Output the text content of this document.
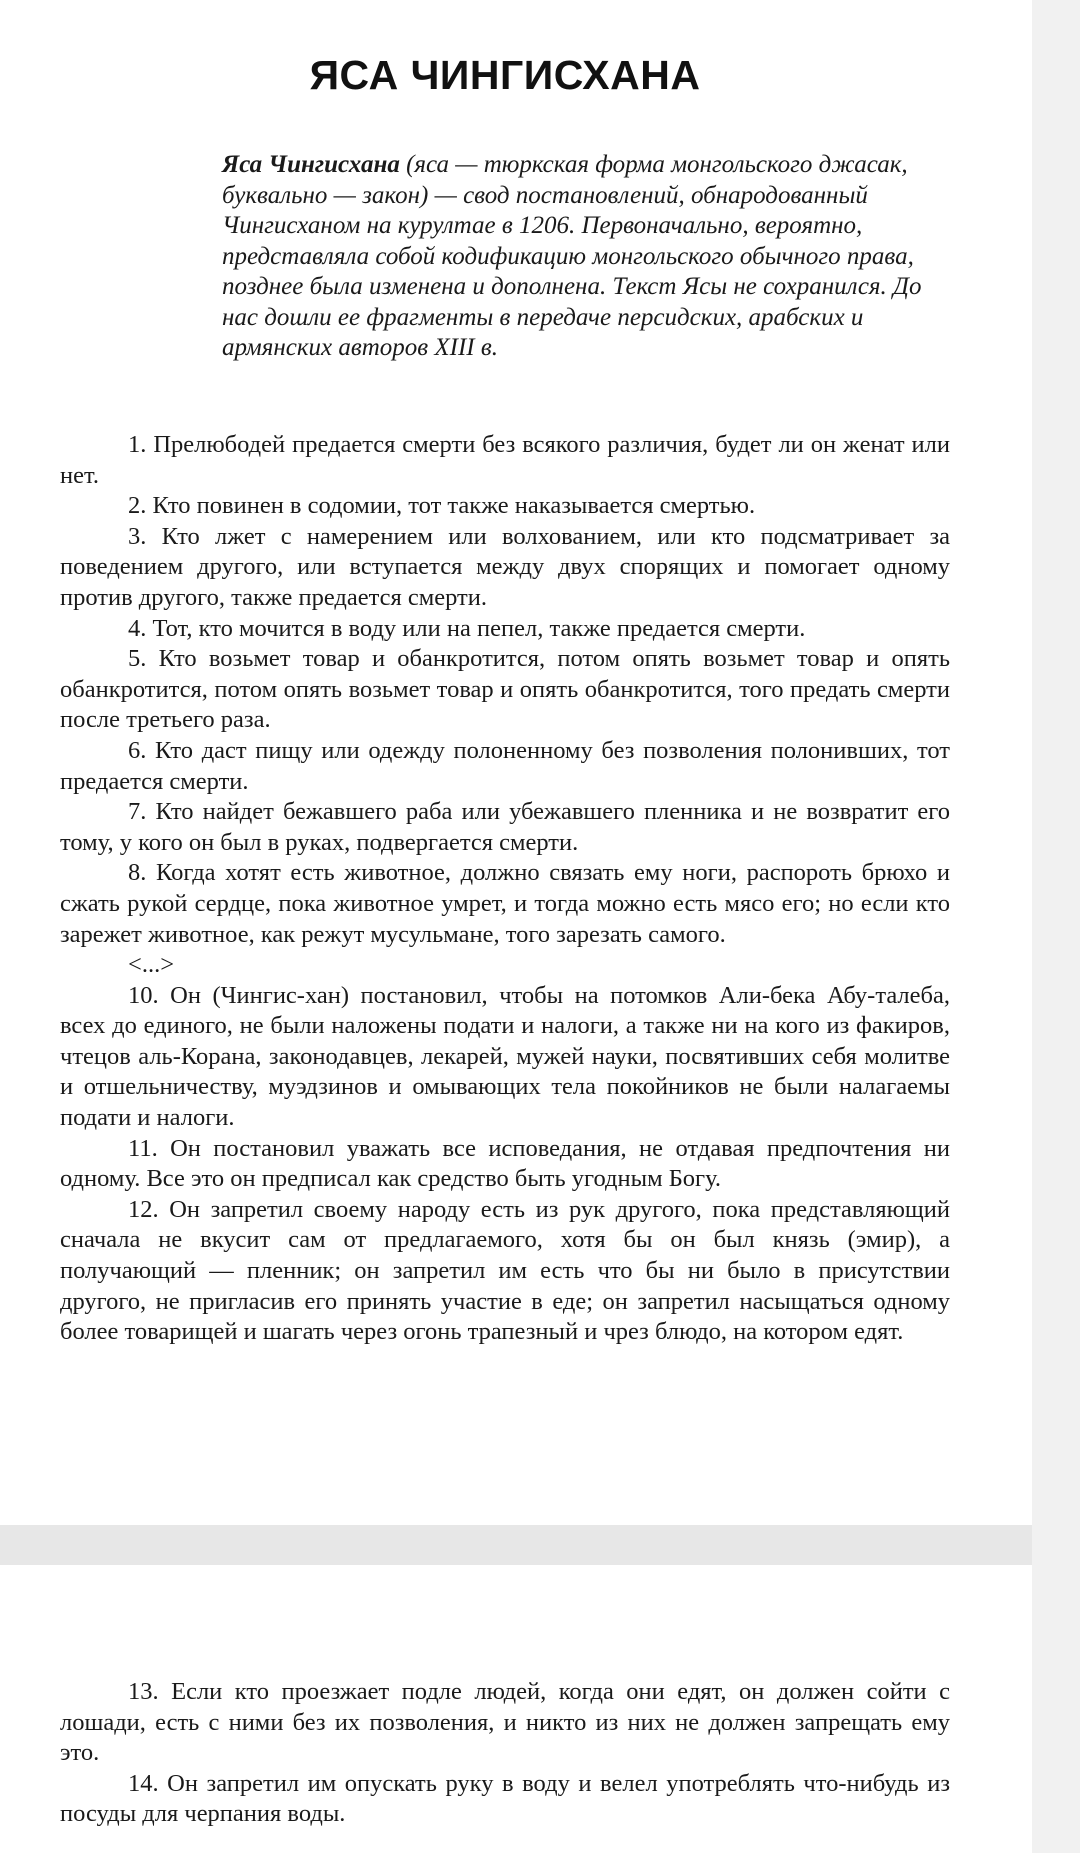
ЯСА ЧИНГИСХАНА
Яса Чингисхана (яса — тюркская форма монгольского джасак, буквально — закон) — свод постановлений, обнародованный Чингисханом на курултае в 1206. Первоначально, вероятно, представляла собой кодификацию монгольского обычного права, позднее была изменена и дополнена. Текст Ясы не сохранился. До нас дошли ее фрагменты в передаче персидских, арабских и армянских авторов XIII в.

1. Прелюбодей предается смерти без всякого различия, будет ли он женат или нет.

2. Кто повинен в содомии, тот также наказывается смертью.

3. Кто лжет с намерением или волхованием, или кто подсматривает за поведением другого, или вступается между двух спорящих и помогает одному против другого, также предается смерти.

4. Тот, кто мочится в воду или на пепел, также предается смерти.

5. Кто возьмет товар и обанкротится, потом опять возьмет товар и опять обанкротится, потом опять возьмет товар и опять обанкротится, того предать смерти после третьего раза.

6. Кто даст пищу или одежду полоненному без позволения полонивших, тот предается смерти.

7. Кто найдет бежавшего раба или убежавшего пленника и не возвратит его тому, у кого он был в руках, подвергается смерти.

8. Когда хотят есть животное, должно связать ему ноги, распороть брюхо и сжать рукой сердце, пока животное умрет, и тогда можно есть мясо его; но если кто зарежет животное, как режут мусульмане, того зарезать самого.

<...>

10. Он (Чингис-хан) постановил, чтобы на потомков Али-бека Абу-талеба, всех до единого, не были наложены подати и налоги, а также ни на кого из факиров, чтецов аль-Корана, законодавцев, лекарей, мужей науки, посвятивших себя молитве и отшельничеству, муэдзинов и омывающих тела покойников не были налагаемы подати и налоги.

11. Он постановил уважать все исповедания, не отдавая предпочтения ни одному. Все это он предписал как средство быть угодным Богу.

12. Он запретил своему народу есть из рук другого, пока представляющий сначала не вкусит сам от предлагаемого, хотя бы он был князь (эмир), а получающий — пленник; он запретил им есть что бы ни было в присутствии другого, не пригласив его принять участие в еде; он запретил насыщаться одному более товарищей и шагать через огонь трапезный и чрез блюдо, на котором едят.

13. Если кто проезжает подле людей, когда они едят, он должен сойти с лошади, есть с ними без их позволения, и никто из них не должен запрещать ему это.

14. Он запретил им опускать руку в воду и велел употреблять что-нибудь из посуды для черпания воды.
